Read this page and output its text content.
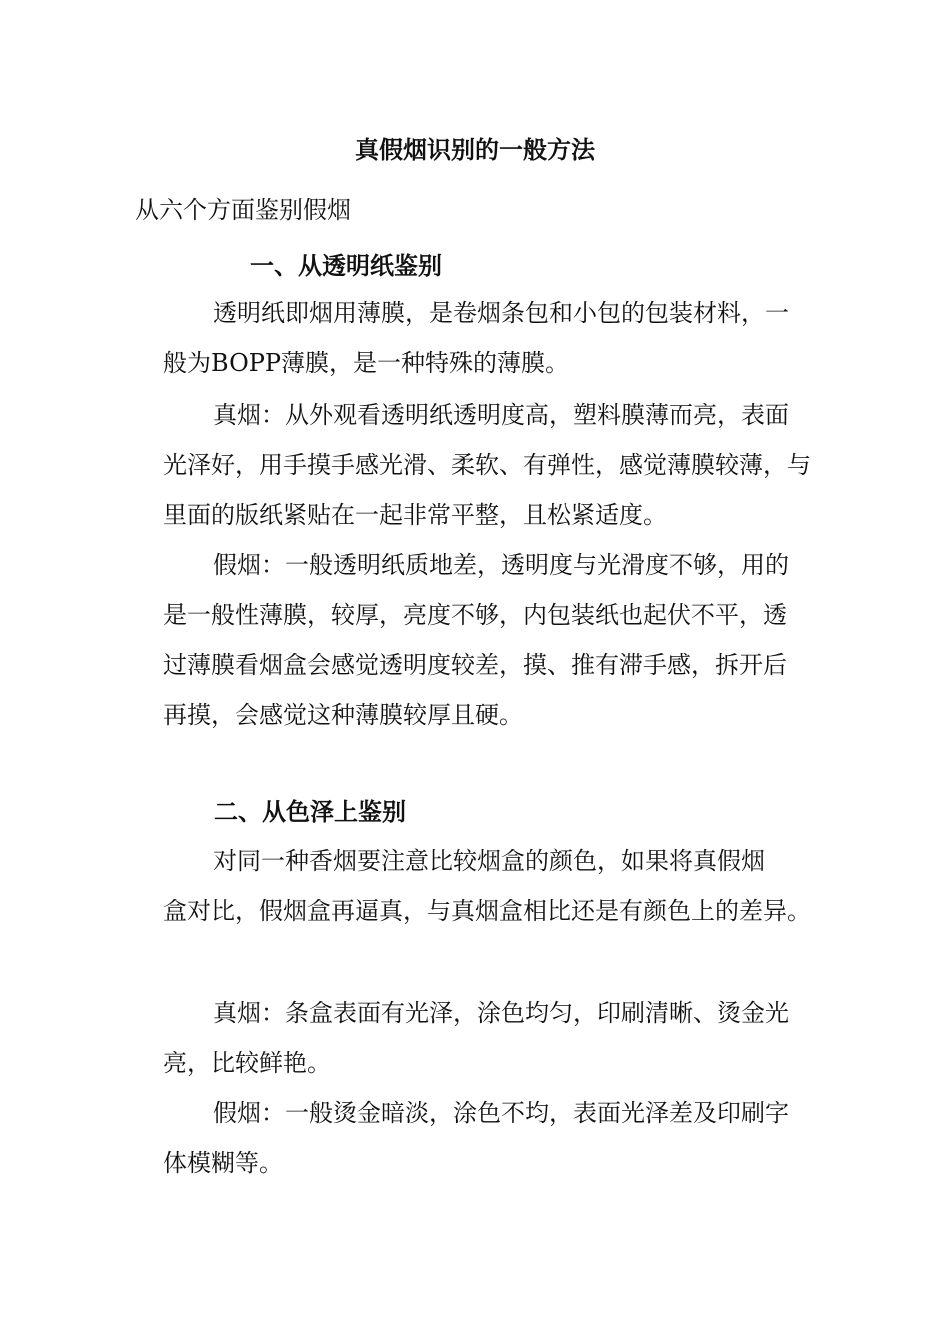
真假烟识别的一般方法
从六个方面鉴别假烟
一、从透明纸鉴别
透明纸即烟用薄膜，是卷烟条包和小包的包装材料，一
般为BOPP薄膜，是一种特殊的薄膜。
真烟：从外观看透明纸透明度高，塑料膜薄而亮，表面
光泽好，用手摸手感光滑、柔软、有弹性，感觉薄膜较薄，与
里面的版纸紧贴在一起非常平整，且松紧适度。
假烟：一般透明纸质地差，透明度与光滑度不够，用的
是一般性薄膜，较厚，亮度不够，内包装纸也起伏不平，透
过薄膜看烟盒会感觉透明度较差，摸、推有滞手感，拆开后
再摸，会感觉这种薄膜较厚且硬。
二、从色泽上鉴别
对同一种香烟要注意比较烟盒的颜色，如果将真假烟
盒对比，假烟盒再逼真，与真烟盒相比还是有颜色上的差异。
真烟：条盒表面有光泽，涂色均匀，印刷清晰、烫金光
亮，比较鲜艳。
假烟：一般烫金暗淡，涂色不均，表面光泽差及印刷字
体模糊等。
